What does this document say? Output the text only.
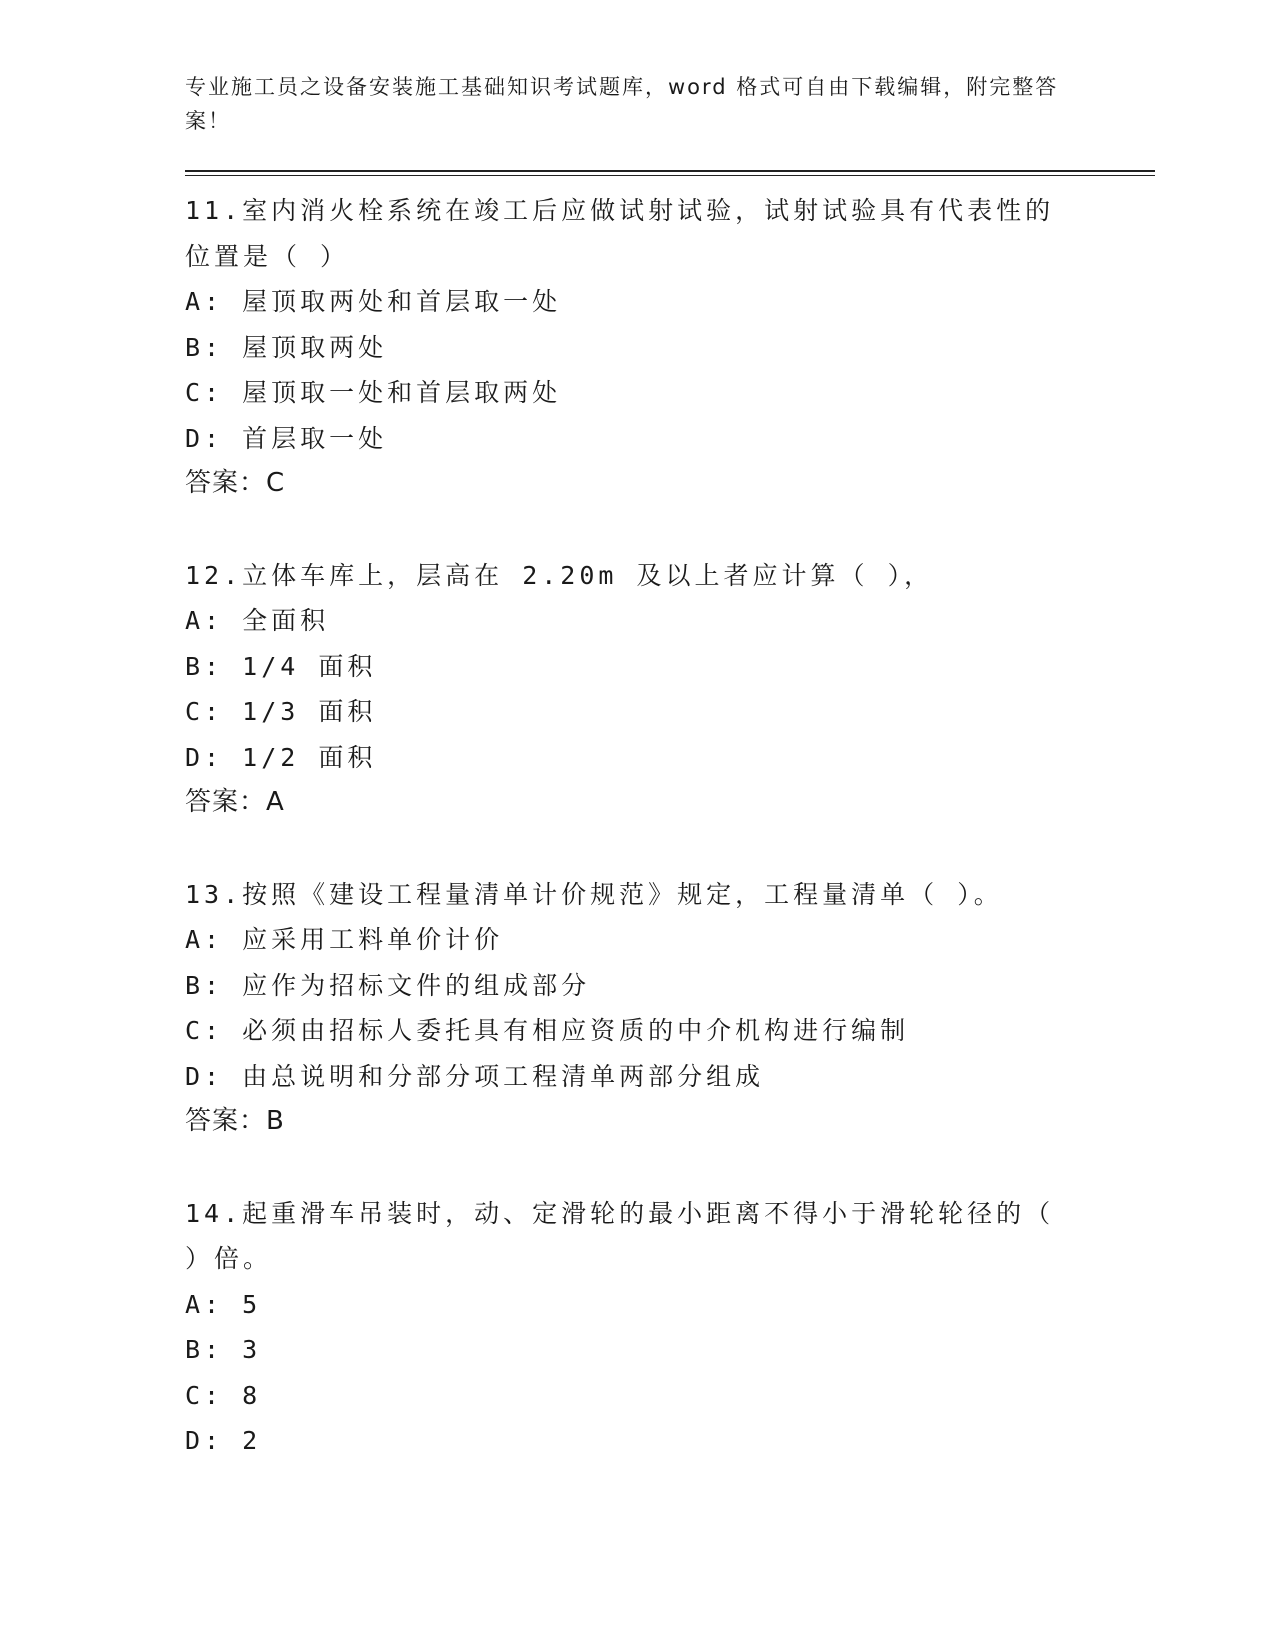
专业施工员之设备安装施工基础知识考试题库，word 格式可自由下载编辑，附完整答案！

11.室内消火栓系统在竣工后应做试射试验，试射试验具有代表性的位置是（ ）

A: 屋顶取两处和首层取一处

B: 屋顶取两处

C: 屋顶取一处和首层取两处

D: 首层取一处

答案：C

12.立体车库上，层高在 2.20m 及以上者应计算（ ），

A: 全面积

B: 1/4 面积

C: 1/3 面积

D: 1/2 面积

答案：A

13.按照《建设工程量清单计价规范》规定，工程量清单（ ）。

A: 应采用工料单价计价

B: 应作为招标文件的组成部分

C: 必须由招标人委托具有相应资质的中介机构进行编制

D: 由总说明和分部分项工程清单两部分组成

答案：B

14.起重滑车吊装时，动、定滑轮的最小距离不得小于滑轮轮径的（ ）倍。

A: 5

B: 3

C: 8

D: 2
